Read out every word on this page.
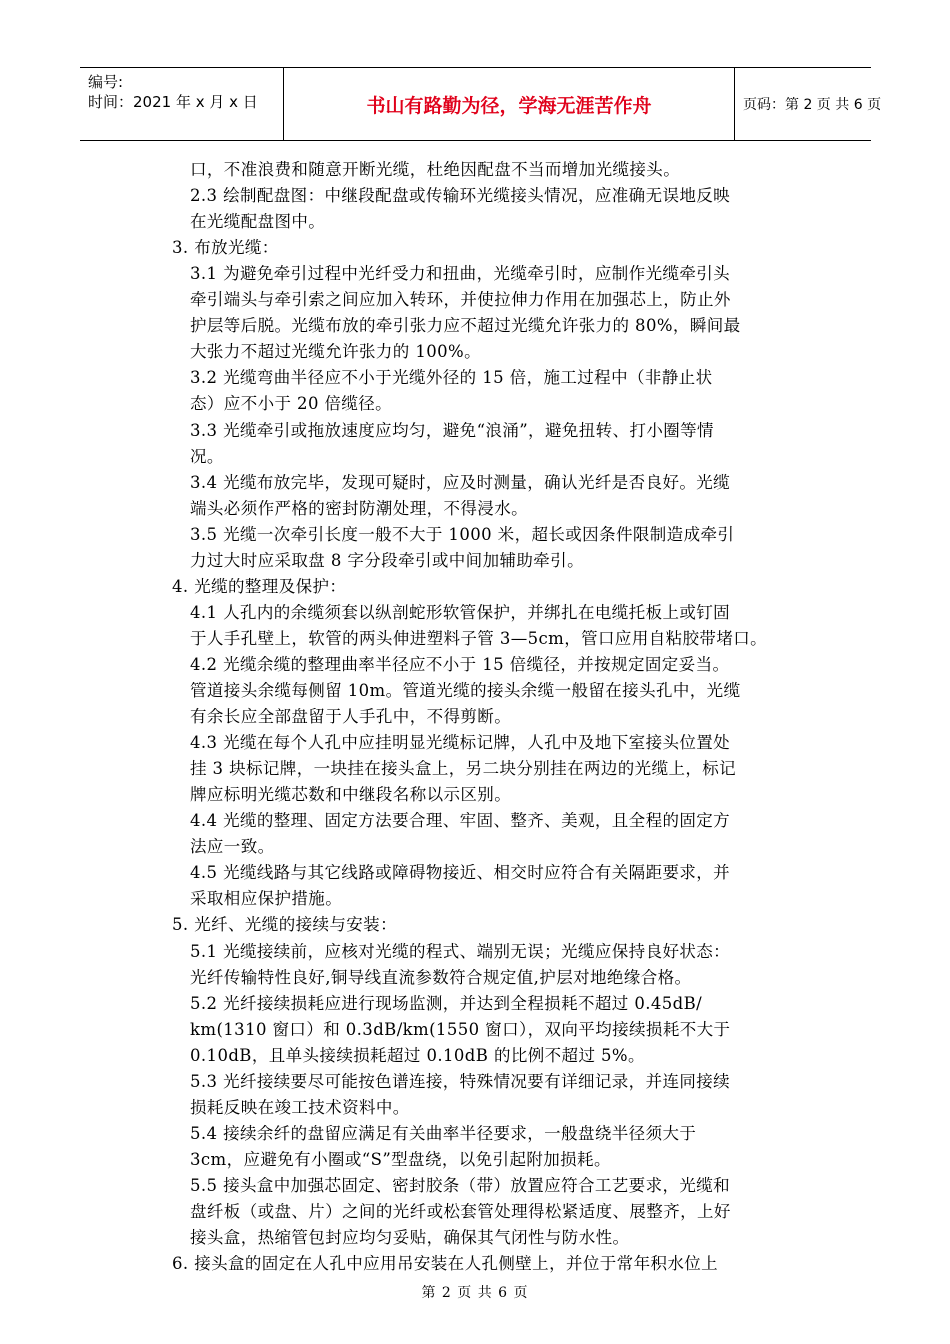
编号:
时间：2021 年 x 月 x 日	书山有路勤为径，学海无涯苦作舟	页码：第 2 页 共 6 页
口，不准浪费和随意开断光缆，杜绝因配盘不当而增加光缆接头。
2.3 绘制配盘图：中继段配盘或传输环光缆接头情况，应准确无误地反映
在光缆配盘图中。
3. 布放光缆：
3.1 为避免牵引过程中光纤受力和扭曲，光缆牵引时，应制作光缆牵引头
牵引端头与牵引索之间应加入转环，并使拉伸力作用在加强芯上，防止外
护层等后脱。光缆布放的牵引张力应不超过光缆允许张力的 80%，瞬间最
大张力不超过光缆允许张力的 100%。
3.2 光缆弯曲半径应不小于光缆外径的 15 倍，施工过程中（非静止状
态）应不小于 20 倍缆径。
3.3 光缆牵引或拖放速度应均匀，避免“浪涌”，避免扭转、打小圈等情
况。
3.4 光缆布放完毕，发现可疑时，应及时测量，确认光纤是否良好。光缆
端头必须作严格的密封防潮处理，不得浸水。
3.5 光缆一次牵引长度一般不大于 1000 米，超长或因条件限制造成牵引
力过大时应采取盘 8 字分段牵引或中间加辅助牵引。
4. 光缆的整理及保护：
4.1 人孔内的余缆须套以纵剖蛇形软管保护，并绑扎在电缆托板上或钉固
于人手孔壁上，软管的两头伸进塑料子管 3—5cm，管口应用自粘胶带堵口。
4.2 光缆余缆的整理曲率半径应不小于 15 倍缆径，并按规定固定妥当。
管道接头余缆每侧留 10m。管道光缆的接头余缆一般留在接头孔中，光缆
有余长应全部盘留于人手孔中，不得剪断。
4.3 光缆在每个人孔中应挂明显光缆标记牌，人孔中及地下室接头位置处
挂 3 块标记牌，一块挂在接头盒上，另二块分别挂在两边的光缆上，标记
牌应标明光缆芯数和中继段名称以示区别。
4.4 光缆的整理、固定方法要合理、牢固、整齐、美观，且全程的固定方
法应一致。
4.5 光缆线路与其它线路或障碍物接近、相交时应符合有关隔距要求，并
采取相应保护措施。
5. 光纤、光缆的接续与安装：
5.1 光缆接续前，应核对光缆的程式、端别无误；光缆应保持良好状态：
光纤传输特性良好,铜导线直流参数符合规定值,护层对地绝缘合格。
5.2 光纤接续损耗应进行现场监测，并达到全程损耗不超过 0.45dB/
km(1310 窗口）和 0.3dB/km(1550 窗口），双向平均接续损耗不大于
0.10dB，且单头接续损耗超过 0.10dB 的比例不超过 5%。
5.3 光纤接续要尽可能按色谱连接，特殊情况要有详细记录，并连同接续
损耗反映在竣工技术资料中。
5.4 接续余纤的盘留应满足有关曲率半径要求，一般盘绕半径须大于
3cm，应避免有小圈或“S”型盘绕，以免引起附加损耗。
5.5 接头盒中加强芯固定、密封胶条（带）放置应符合工艺要求，光缆和
盘纤板（或盘、片）之间的光纤或松套管处理得松紧适度、展整齐，上好
接头盒，热缩管包封应均匀妥贴，确保其气闭性与防水性。
6. 接头盒的固定在人孔中应用吊安装在人孔侧壁上，并位于常年积水位上
第 2 页 共 6 页
